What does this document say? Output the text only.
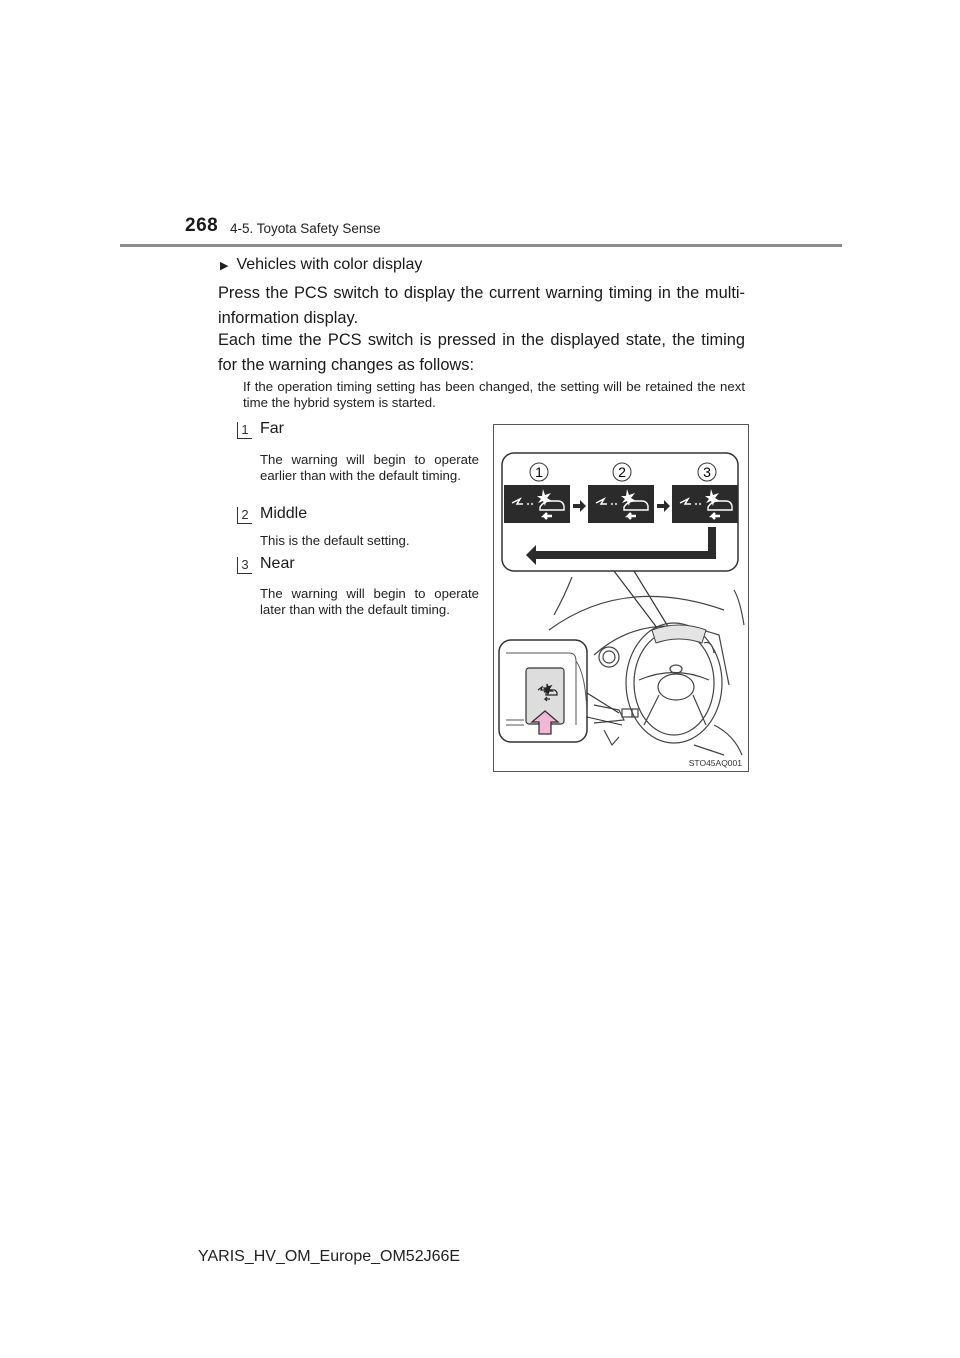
268 4-5. Toyota Safety Sense
▶ Vehicles with color display
Press the PCS switch to display the current warning timing in the multi-information display.
Each time the PCS switch is pressed in the displayed state, the timing for the warning changes as follows:
If the operation timing setting has been changed, the setting will be retained the next time the hybrid system is started.
1 Far
The warning will begin to operate earlier than with the default timing.
2 Middle
This is the default setting.
3 Near
The warning will begin to operate later than with the default timing.
1	2	3
STO45AQ001
YARIS_HV_OM_Europe_OM52J66E
